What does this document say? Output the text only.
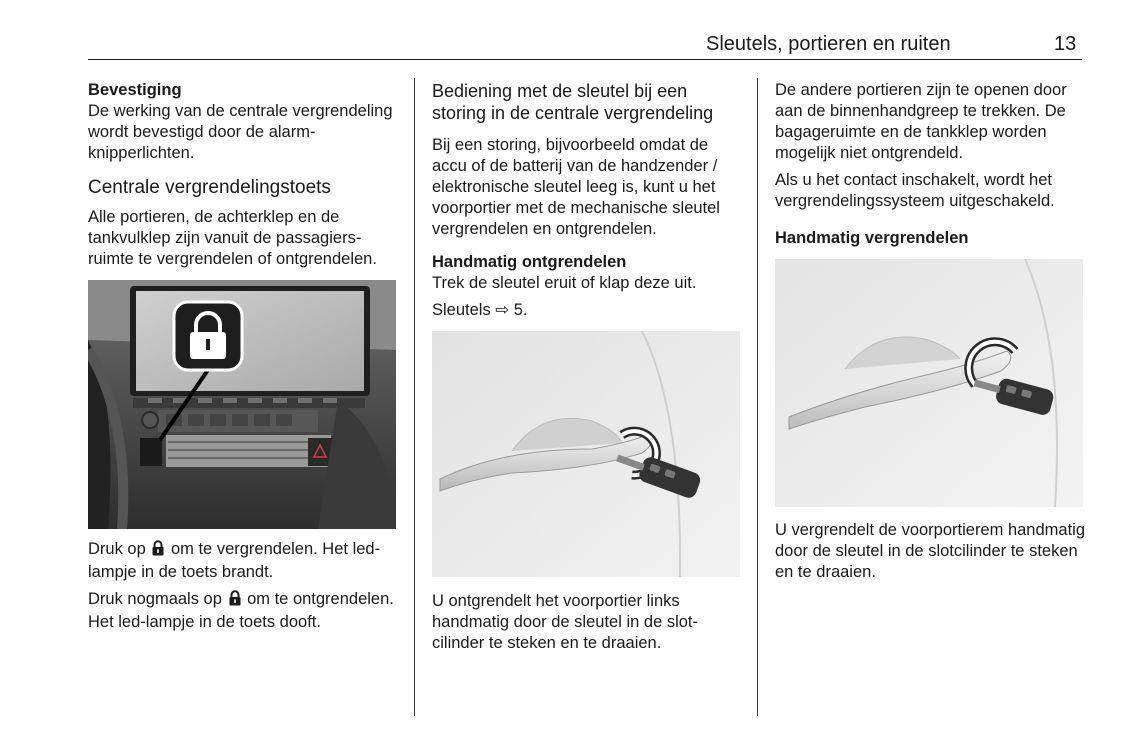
Sleutels, portieren en ruiten	13

Bevestiging

De werking van de centrale vergrendeling wordt bevestigd door de alarmknipperlichten.

Centrale vergrendelingstoets

Alle portieren, de achterklep en de tankvulklep zijn vanuit de passagiersruimte te vergrendelen of ontgrendelen.

Druk op om te vergrendelen. Het led-lampje in de toets brandt.

Druk nogmaals op om te ontgrendelen. Het led-lampje in de toets dooft.

Bediening met de sleutel bij een storing in de centrale vergrendeling

Bij een storing, bijvoorbeeld omdat de accu of de batterij van de handzender / elektronische sleutel leeg is, kunt u het voorportier met de mechanische sleutel vergrendelen en ontgrendelen.

Handmatig ontgrendelen

Trek de sleutel eruit of klap deze uit.

Sleutels ⇨ 5.

U ontgrendelt het voorportier links handmatig door de sleutel in de slotcilinder te steken en te draaien.

De andere portieren zijn te openen door aan de binnenhandgreep te trekken. De bagageruimte en de tankklep worden mogelijk niet ontgrendeld.

Als u het contact inschakelt, wordt het vergrendelingssysteem uitgeschakeld.

Handmatig vergrendelen

U vergrendelt de voorportierem handmatig door de sleutel in de slotcilinder te steken en te draaien.
